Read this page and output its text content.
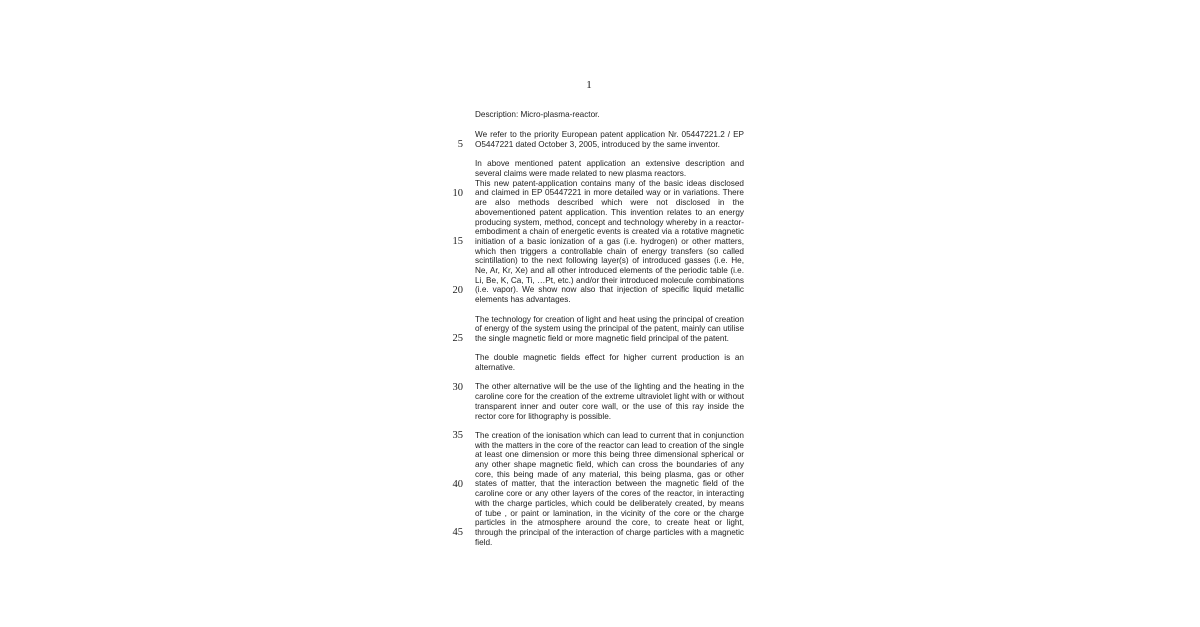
1
5
10
15
20
25
30
35
40
45

Description: Micro-plasma-reactor.

We refer to the priority European patent application Nr. 05447221.2 / EP O5447221 dated October 3, 2005, introduced by the same inventor.

In above mentioned patent application an extensive description and several claims were made related to new plasma reactors.

This new patent-application contains many of the basic ideas disclosed and claimed in EP 05447221 in more detailed way or in variations. There are also methods described which were not disclosed in the abovementioned patent application. This invention relates to an energy producing system, method, concept and technology whereby in a reactor-embodiment a chain of energetic events is created via a rotative magnetic initiation of a basic ionization of a gas (i.e. hydrogen) or other matters, which then triggers a controllable chain of energy transfers (so called scintillation) to the next following layer(s) of introduced gasses (i.e. He, Ne, Ar, Kr, Xe) and all other introduced elements of the periodic table (i.e. Li, Be, K, Ca, Ti, …Pt, etc.) and/or their introduced molecule combinations (i.e. vapor). We show now also that injection of specific liquid metallic elements has advantages.

The technology for creation of light and heat using the principal of creation of energy of the system using the principal of the patent, mainly can utilise the single magnetic field or more magnetic field principal of the patent.

The double magnetic fields effect for higher current production is an alternative.

The other alternative will be the use of the lighting and the heating in the caroline core for the creation of the extreme ultraviolet light with or without transparent inner and outer core wall, or the use of this ray inside the rector core for lithography is possible.

The creation of the ionisation which can lead to current that in conjunction with the matters in the core of the reactor can lead to creation of the single at least one dimension or more this being three dimensional spherical or any other shape magnetic field, which can cross the boundaries of any core, this being made of any material, this being plasma, gas or other states of matter, that the interaction between the magnetic field of the caroline core or any other layers of the cores of the reactor, in interacting with the charge particles, which could be deliberately created, by means of tube , or paint or lamination, in the vicinity of the core or the charge particles in the atmosphere around the core, to create heat or light, through the principal of the interaction of charge particles with a magnetic field.
